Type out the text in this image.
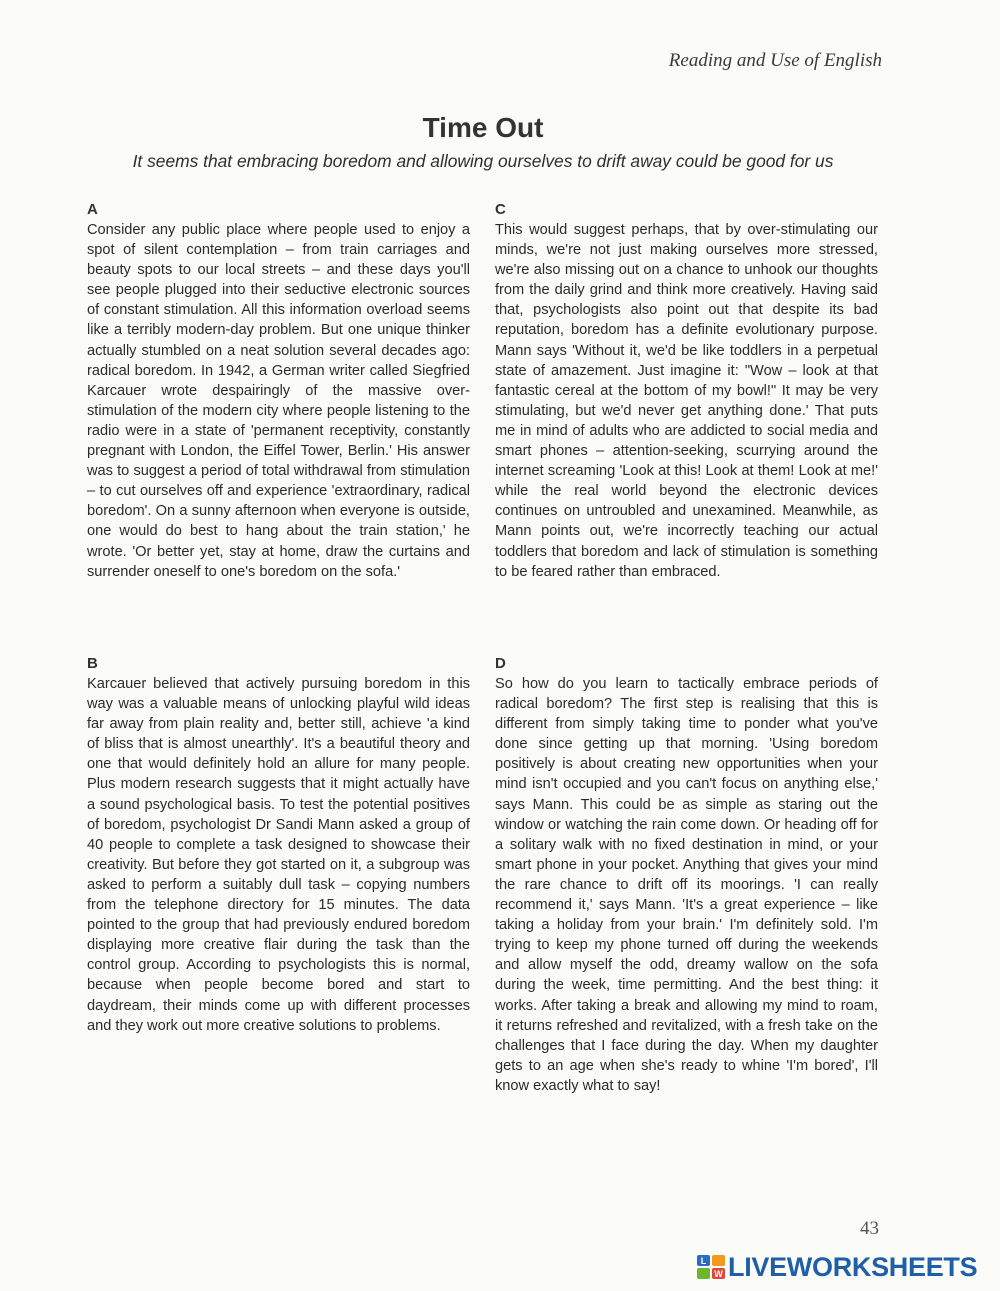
Reading and Use of English

Time Out

It seems that embracing boredom and allowing ourselves to drift away could be good for us

A

Consider any public place where people used to enjoy a spot of silent contemplation – from train carriages and beauty spots to our local streets – and these days you'll see people plugged into their seductive electronic sources of constant stimulation. All this information overload seems like a terribly modern-day problem. But one unique thinker actually stumbled on a neat solution several decades ago: radical boredom. In 1942, a German writer called Siegfried Karcauer wrote despairingly of the massive over-stimulation of the modern city where people listening to the radio were in a state of 'permanent receptivity, constantly pregnant with London, the Eiffel Tower, Berlin.' His answer was to suggest a period of total withdrawal from stimulation – to cut ourselves off and experience 'extraordinary, radical boredom'. On a sunny afternoon when everyone is outside, one would do best to hang about the train station,' he wrote. 'Or better yet, stay at home, draw the curtains and surrender oneself to one's boredom on the sofa.'

B

Karcauer believed that actively pursuing boredom in this way was a valuable means of unlocking playful wild ideas far away from plain reality and, better still, achieve 'a kind of bliss that is almost unearthly'. It's a beautiful theory and one that would definitely hold an allure for many people. Plus modern research suggests that it might actually have a sound psychological basis. To test the potential positives of boredom, psychologist Dr Sandi Mann asked a group of 40 people to complete a task designed to showcase their creativity. But before they got started on it, a subgroup was asked to perform a suitably dull task – copying numbers from the telephone directory for 15 minutes. The data pointed to the group that had previously endured boredom displaying more creative flair during the task than the control group. According to psychologists this is normal, because when people become bored and start to daydream, their minds come up with different processes and they work out more creative solutions to problems.

C

This would suggest perhaps, that by over-stimulating our minds, we're not just making ourselves more stressed, we're also missing out on a chance to unhook our thoughts from the daily grind and think more creatively. Having said that, psychologists also point out that despite its bad reputation, boredom has a definite evolutionary purpose. Mann says 'Without it, we'd be like toddlers in a perpetual state of amazement. Just imagine it: "Wow – look at that fantastic cereal at the bottom of my bowl!" It may be very stimulating, but we'd never get anything done.' That puts me in mind of adults who are addicted to social media and smart phones – attention-seeking, scurrying around the internet screaming 'Look at this! Look at them! Look at me!' while the real world beyond the electronic devices continues on untroubled and unexamined. Meanwhile, as Mann points out, we're incorrectly teaching our actual toddlers that boredom and lack of stimulation is something to be feared rather than embraced.

D

So how do you learn to tactically embrace periods of radical boredom? The first step is realising that this is different from simply taking time to ponder what you've done since getting up that morning. 'Using boredom positively is about creating new opportunities when your mind isn't occupied and you can't focus on anything else,' says Mann. This could be as simple as staring out the window or watching the rain come down. Or heading off for a solitary walk with no fixed destination in mind, or your smart phone in your pocket. Anything that gives your mind the rare chance to drift off its moorings. 'I can really recommend it,' says Mann. 'It's a great experience – like taking a holiday from your brain.' I'm definitely sold. I'm trying to keep my phone turned off during the weekends and allow myself the odd, dreamy wallow on the sofa during the week, time permitting. And the best thing: it works. After taking a break and allowing my mind to roam, it returns refreshed and revitalized, with a fresh take on the challenges that I face during the day. When my daughter gets to an age when she's ready to whine 'I'm bored', I'll know exactly what to say!

43

L
W LIVEWORKSHEETS
